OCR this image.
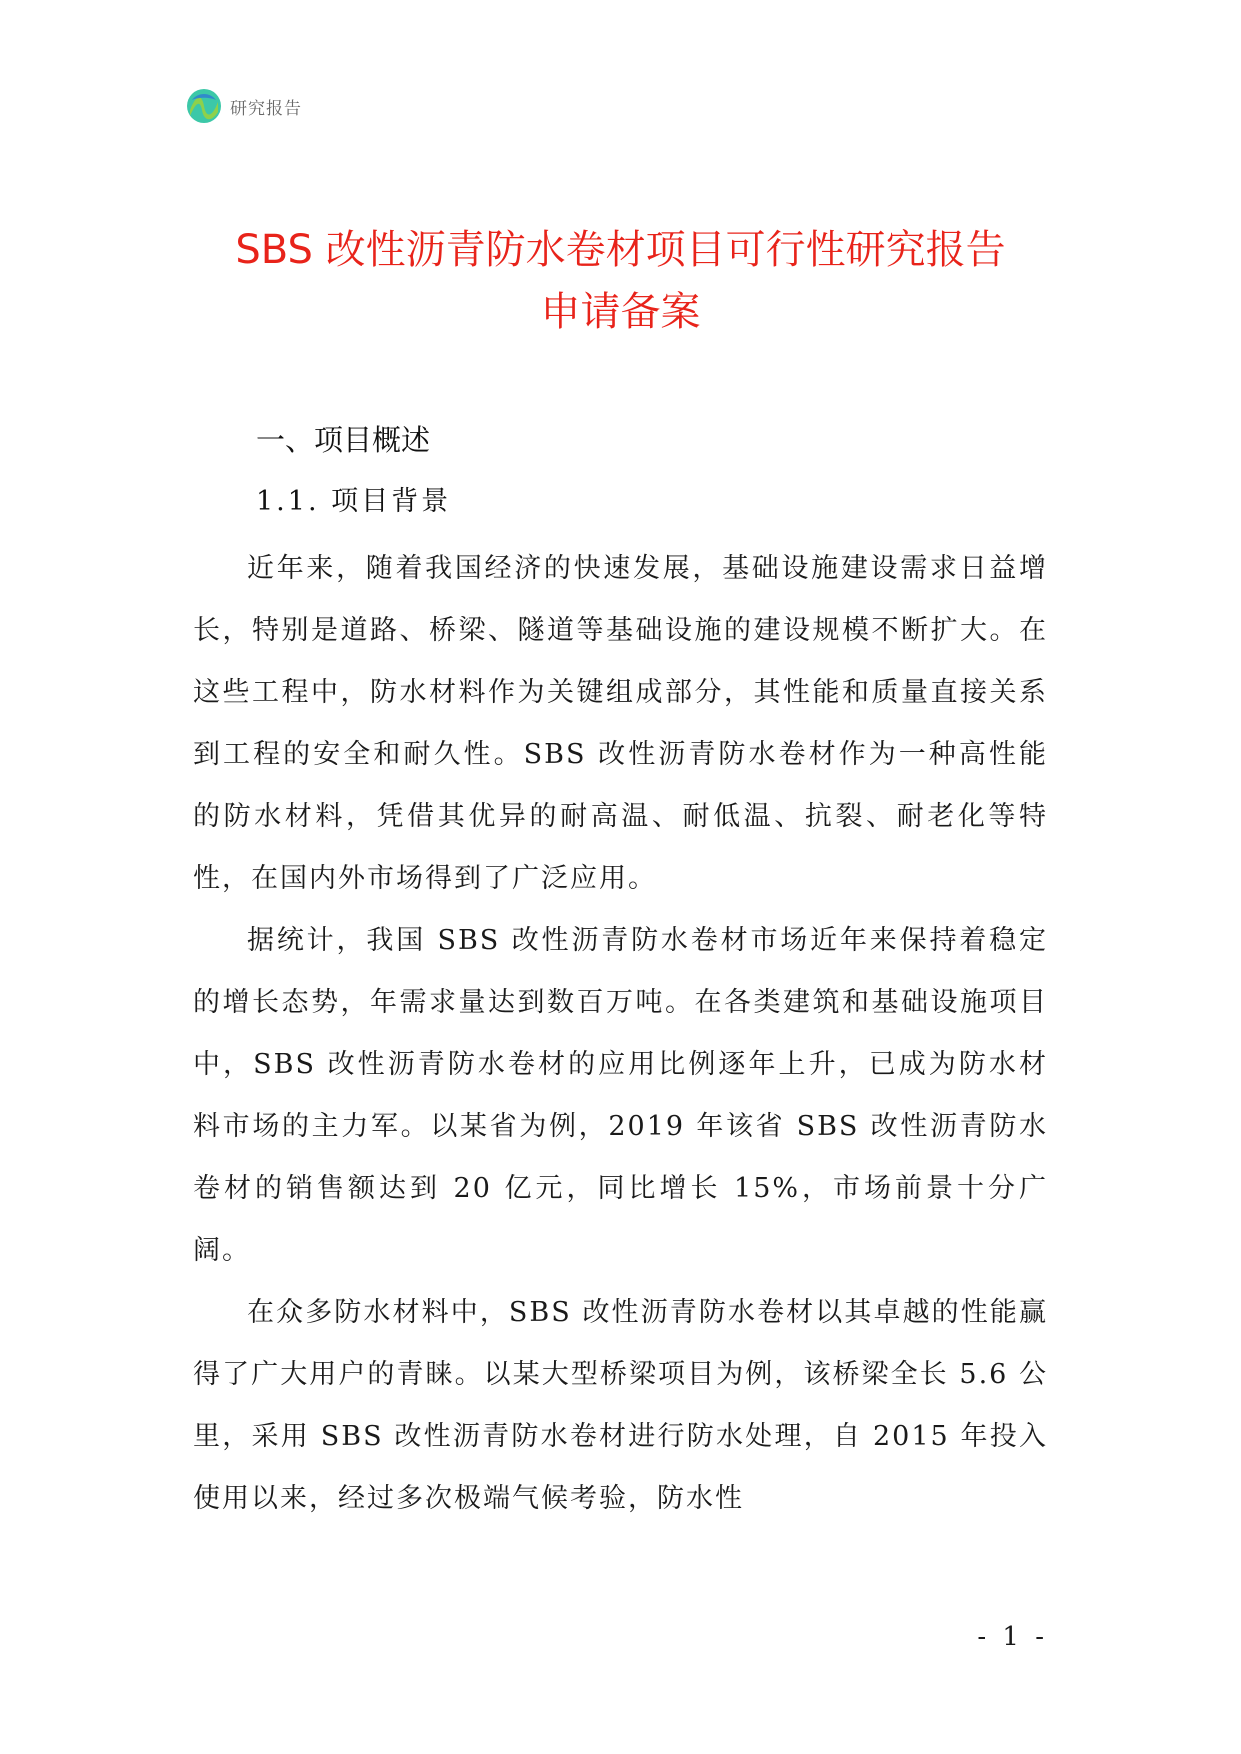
研究报告
SBS 改性沥青防水卷材项目可行性研究报告
申请备案
一、项目概述
1.1. 项目背景

近年来，随着我国经济的快速发展，基础设施建设需求日益增长，特别是道路、桥梁、隧道等基础设施的建设规模不断扩大。在这些工程中，防水材料作为关键组成部分，其性能和质量直接关系到工程的安全和耐久性。SBS 改性沥青防水卷材作为一种高性能的防水材料，凭借其优异的耐高温、耐低温、抗裂、耐老化等特性，在国内外市场得到了广泛应用。

据统计，我国 SBS 改性沥青防水卷材市场近年来保持着稳定的增长态势，年需求量达到数百万吨。在各类建筑和基础设施项目中，SBS 改性沥青防水卷材的应用比例逐年上升，已成为防水材料市场的主力军。以某省为例，2019 年该省 SBS 改性沥青防水卷材的销售额达到 20 亿元，同比增长 15%，市场前景十分广阔。

在众多防水材料中，SBS 改性沥青防水卷材以其卓越的性能赢得了广大用户的青睐。以某大型桥梁项目为例，该桥梁全长 5.6 公里，采用 SBS 改性沥青防水卷材进行防水处理，自 2015 年投入使用以来，经过多次极端气候考验，防水性

- 1 -
